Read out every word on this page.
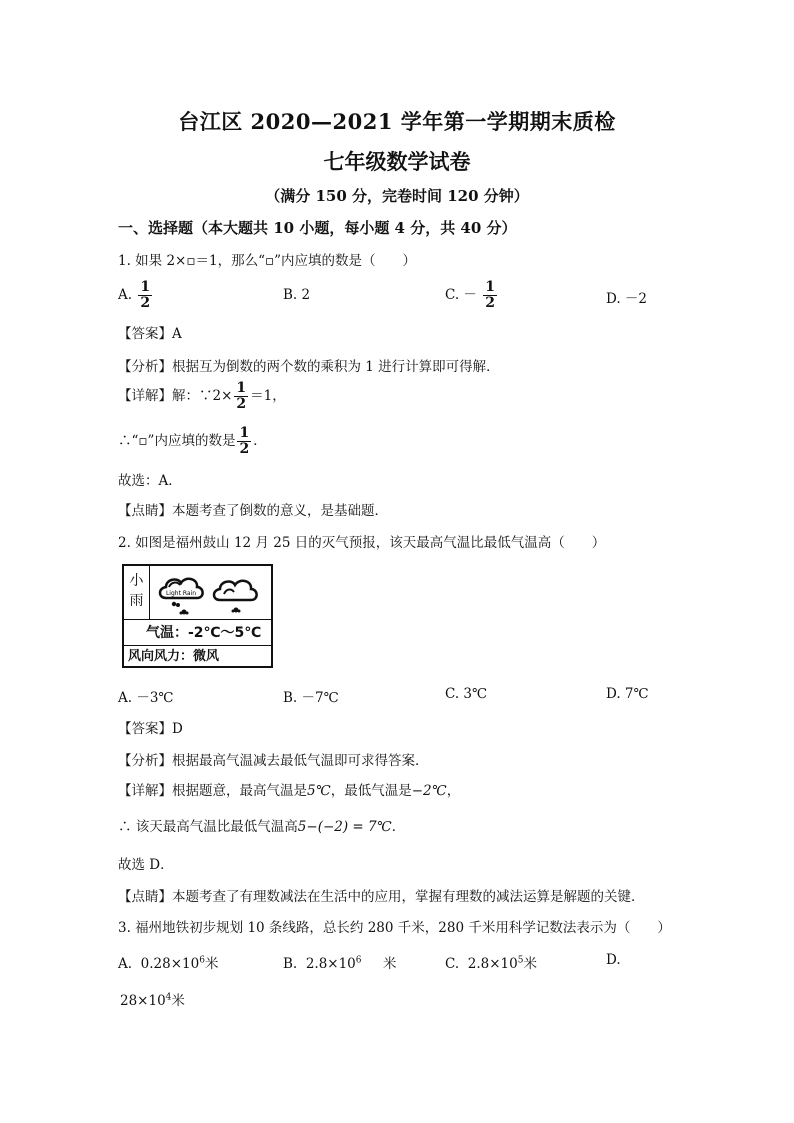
台江区 2020—2021 学年第一学期期末质检
七年级数学试卷
（满分 150 分，完卷时间 120 分钟）
一、选择题（本大题共 10 小题，每小题 4 分，共 40 分）
1. 如果 2×▫＝1，那么“▫”内应填的数是（　　）
A. $\frac{1}{2}$	B. 2	C. － $\frac{1}{2}$	D. －2
【答案】A
【分析】根据互为倒数的两个数的乘积为 1 进行计算即可得解．
【详解】解：∵2× $\frac{1}{2} =1$，
∴“▫”内应填的数是 $\frac{1}{2}$ ．
故选：A．
【点睛】本题考查了倒数的意义，是基础题．
2. 如图是福州鼓山 12 月 25 日的灭气预报，该天最高气温比最低气温高（　　）
小
雨	Light Rain
气温：-2℃～5℃
风向风力：微风
A. －3℃	B. －7℃	C. 3℃	D. 7℃
【答案】D
【分析】根据最高气温减去最低气温即可求得答案．
【详解】根据题意，最高气温是5℃，最低气温是−2℃，
∴ 该天最高气温比最低气温高5−(−2) = 7℃．
故选 D．
【点睛】本题考查了有理数减法在生活中的应用，掌握有理数的减法运算是解题的关键．
3. 福州地铁初步规划 10 条线路，总长约 280 千米，280 千米用科学记数法表示为（　　）
A. $0.28\times 10^6$米	B. $2.8\times 10^6$ 米	C. $2.8\times 10^5$米	D.
$28\times 10^4$米
